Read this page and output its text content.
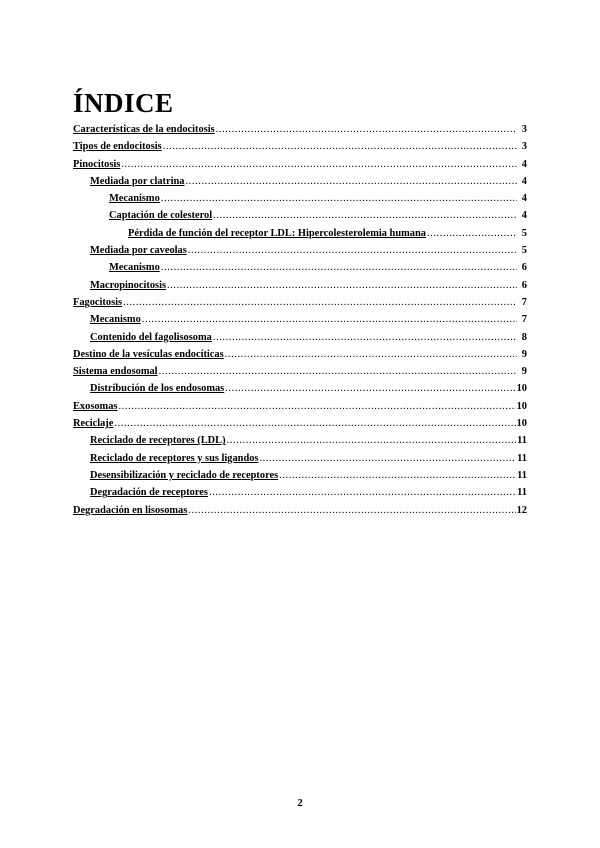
ÍNDICE
Características de la endocitosis .....	3
Tipos de endocitosis .....	3
Pinocitosis .....	4
Mediada por clatrina .....	4
Mecanismo .....	4
Captación de colesterol .....	4
Pérdida de función del receptor LDL: Hipercolesterolemia humana .....	5
Mediada por caveolas .....	5
Mecanismo .....	6
Macropinocitosis .....	6
Fagocitosis .....	7
Mecanismo .....	7
Contenido del fagolisosoma .....	8
Destino de la vesículas endocíticas .....	9
Sistema endosomal .....	9
Distribución de los endosomas .....	10
Exosomas .....	10
Reciclaje .....	10
Reciclado de receptores (LDL) .....	11
Reciclado de receptores y sus ligandos .....	11
Desensibilización y reciclado de receptores .....	11
Degradación de receptores .....	11
Degradación en lisosomas .....	12
2
